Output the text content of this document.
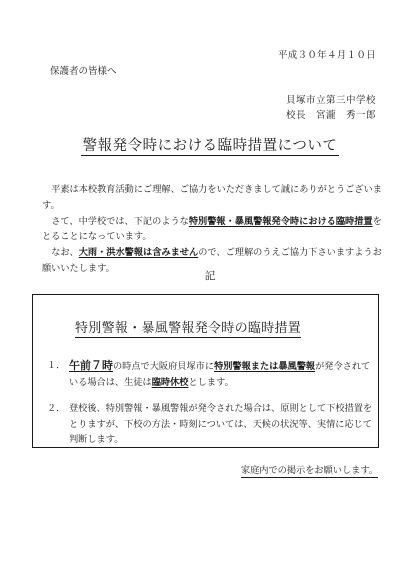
平成３０年４月１０日
保護者の皆様へ
貝塚市立第三中学校
校長　宮瀧　秀一郎
警報発令時における臨時措置について

平素は本校教育活動にご理解、ご協力をいただきまして誠にありがとうございます。

さて、中学校では、下記のような特別警報・暴風警報発令時における臨時措置をとることになっています。

なお、大雨・洪水警報は含みませんので、ご理解のうえご協力下さいますようお願いいたします。

記
特別警報・暴風警報発令時の臨時措置
１． 午前７時の時点で大阪府貝塚市に特別警報または暴風警報が発令されている場合は、生徒は臨時休校とします。
２． 登校後、特別警報・暴風警報が発令された場合は、原則として下校措置をとりますが、下校の方法・時刻については、天候の状況等、実情に応じて判断します。
家庭内での掲示をお願いします。
